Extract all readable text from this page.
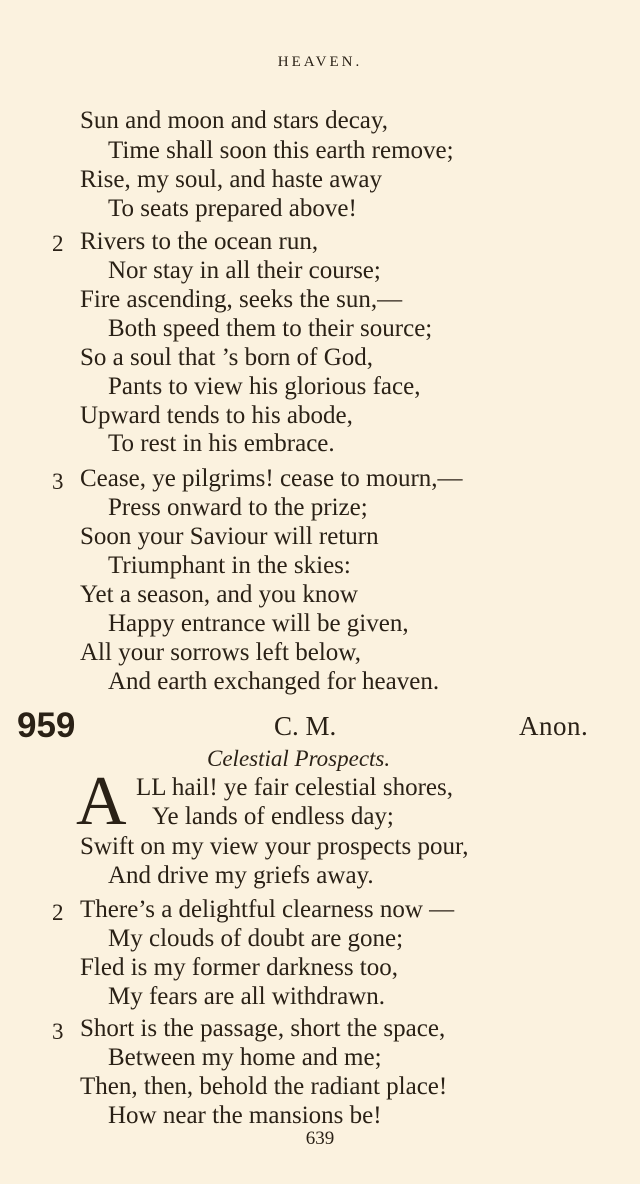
HEAVEN.
Sun and moon and stars decay,
Time shall soon this earth remove;
Rise, my soul, and haste away
To seats prepared above!
2 Rivers to the ocean run,
Nor stay in all their course;
Fire ascending, seeks the sun,—
Both speed them to their source;
So a soul that ’s born of God,
Pants to view his glorious face,
Upward tends to his abode,
To rest in his embrace.
3 Cease, ye pilgrims! cease to mourn,—
Press onward to the prize;
Soon your Saviour will return
Triumphant in the skies:
Yet a season, and you know
Happy entrance will be given,
All your sorrows left below,
And earth exchanged for heaven.
959	C. M.	Anon.
Celestial Prospects.
A LL hail! ye fair celestial shores,
Ye lands of endless day;
Swift on my view your prospects pour,
And drive my griefs away.
2 There’s a delightful clearness now —
My clouds of doubt are gone;
Fled is my former darkness too,
My fears are all withdrawn.
3 Short is the passage, short the space,
Between my home and me;
Then, then, behold the radiant place!
How near the mansions be!
639
